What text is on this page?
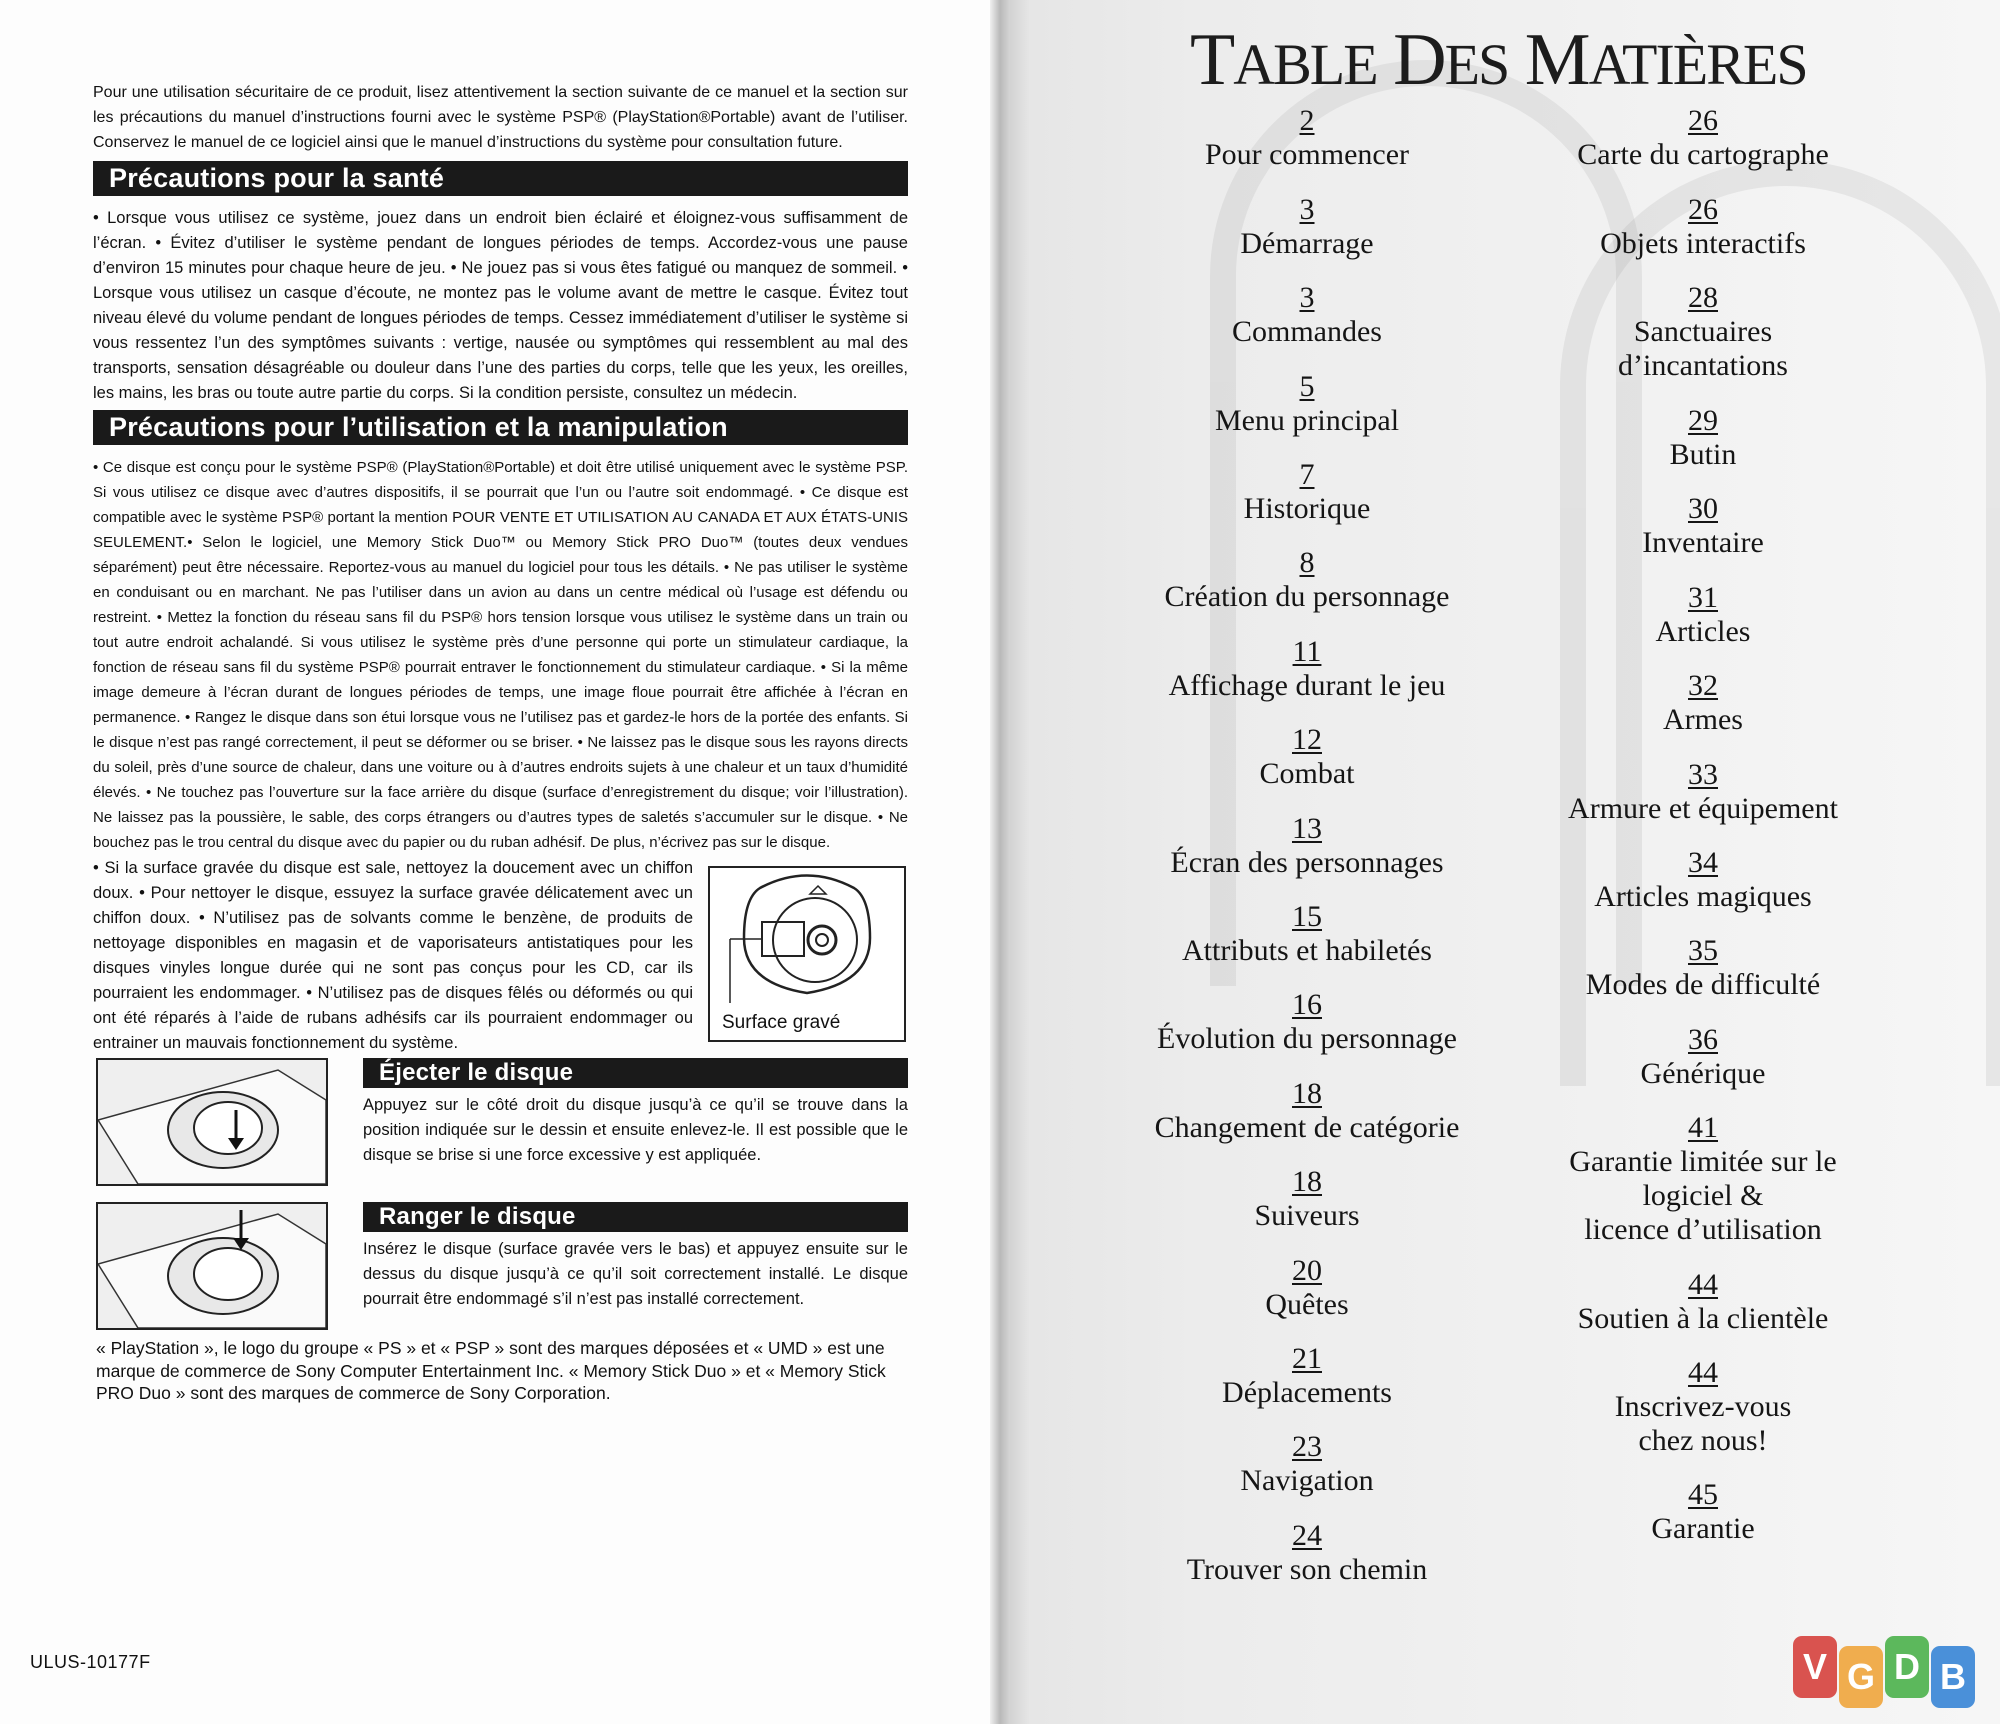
Pour une utilisation sécuritaire de ce produit, lisez attentivement la section suivante de ce manuel et la section sur les précautions du manuel d’instructions fourni avec le système PSP® (PlayStation®Portable) avant de l’utiliser. Conservez le manuel de ce logiciel ainsi que le manuel d’instructions du système pour consultation future.
Précautions pour la santé
• Lorsque vous utilisez ce système, jouez dans un endroit bien éclairé et éloignez-vous suffisamment de l’écran. • Évitez d’utiliser le système pendant de longues périodes de temps. Accordez-vous une pause d’environ 15 minutes pour chaque heure de jeu. • Ne jouez pas si vous êtes fatigué ou manquez de sommeil. • Lorsque vous utilisez un casque d’écoute, ne montez pas le volume avant de mettre le casque. Évitez tout niveau élevé du volume pendant de longues périodes de temps. Cessez immédiatement d’utiliser le système si vous ressentez l’un des symptômes suivants : vertige, nausée ou symptômes qui ressemblent au mal des transports, sensation désagréable ou douleur dans l’une des parties du corps, telle que les yeux, les oreilles, les mains, les bras ou toute autre partie du corps. Si la condition persiste, consultez un médecin.
Précautions pour l’utilisation et la manipulation
• Ce disque est conçu pour le système PSP® (PlayStation®Portable) et doit être utilisé uniquement avec le système PSP. Si vous utilisez ce disque avec d’autres dispositifs, il se pourrait que l’un ou l’autre soit endommagé. • Ce disque est compatible avec le système PSP® portant la mention POUR VENTE ET UTILISATION AU CANADA ET AUX ÉTATS-UNIS SEULEMENT.• Selon le logiciel, une Memory Stick Duo™ ou Memory Stick PRO Duo™ (toutes deux vendues séparément) peut être nécessaire. Reportez-vous au manuel du logiciel pour tous les détails. • Ne pas utiliser le système en conduisant ou en marchant. Ne pas l’utiliser dans un avion au dans un centre médical où l’usage est défendu ou restreint. • Mettez la fonction du réseau sans fil du PSP® hors tension lorsque vous utilisez le système dans un train ou tout autre endroit achalandé. Si vous utilisez le système près d’une personne qui porte un stimulateur cardiaque, la fonction de réseau sans fil du système PSP® pourrait entraver le fonctionnement du stimulateur cardiaque. • Si la même image demeure à l’écran durant de longues périodes de temps, une image floue pourrait être affichée à l’écran en permanence. • Rangez le disque dans son étui lorsque vous ne l’utilisez pas et gardez-le hors de la portée des enfants. Si le disque n’est pas rangé correctement, il peut se déformer ou se briser. • Ne laissez pas le disque sous les rayons directs du soleil, près d’une source de chaleur, dans une voiture ou à d’autres endroits sujets à une chaleur et un taux d’humidité élevés. • Ne touchez pas l’ouverture sur la face arrière du disque (surface d’enregistrement du disque; voir l’illustration). Ne laissez pas la poussière, le sable, des corps étrangers ou d’autres types de saletés s’accumuler sur le disque. • Ne bouchez pas le trou central du disque avec du papier ou du ruban adhésif. De plus, n’écrivez pas sur le disque.
• Si la surface gravée du disque est sale, nettoyez la doucement avec un chiffon doux. • Pour nettoyer le disque, essuyez la surface gravée délicatement avec un chiffon doux. • N’utilisez pas de solvants comme le benzène, de produits de nettoyage disponibles en magasin et de vaporisateurs antistatiques pour les disques vinyles longue durée qui ne sont pas conçus pour les CD, car ils pourraient les endommager. • N’utilisez pas de disques fêlés ou déformés ou qui ont été réparés à l’aide de rubans adhésifs car ils pourraient endommager ou entrainer un mauvais fonctionnement du système.
Surface gravé
Éjecter le disque
Appuyez sur le côté droit du disque jusqu’à ce qu’il se trouve dans la position indiquée sur le dessin et ensuite enlevez-le. Il est possible que le disque se brise si une force excessive y est appliquée.
Ranger le disque
Insérez le disque (surface gravée vers le bas) et appuyez ensuite sur le dessus du disque jusqu’à ce qu’il soit correctement installé. Le disque pourrait être endommagé s’il n’est pas installé correctement.
« PlayStation », le logo du groupe « PS » et « PSP » sont des marques déposées et « UMD » est une marque de commerce de Sony Computer Entertainment Inc. « Memory Stick Duo » et « Memory Stick PRO Duo » sont des marques de commerce de Sony Corporation.
ULUS-10177F
TABLE DES MATIÈRES
2
Pour commencer
3
Démarrage
3
Commandes
5
Menu principal
7
Historique
8
Création du personnage
11
Affichage durant le jeu
12
Combat
13
Écran des personnages
15
Attributs et habiletés
16
Évolution du personnage
18
Changement de catégorie
18
Suiveurs
20
Quêtes
21
Déplacements
23
Navigation
24
Trouver son chemin
26
Carte du cartographe
26
Objets interactifs
28
Sanctuaires
d’incantations
29
Butin
30
Inventaire
31
Articles
32
Armes
33
Armure et équipement
34
Articles magiques
35
Modes de difficulté
36
Générique
41
Garantie limitée sur le
logiciel &
licence d’utilisation
44
Soutien à la clientèle
44
Inscrivez-vous
chez nous!
45
Garantie
V G D B
